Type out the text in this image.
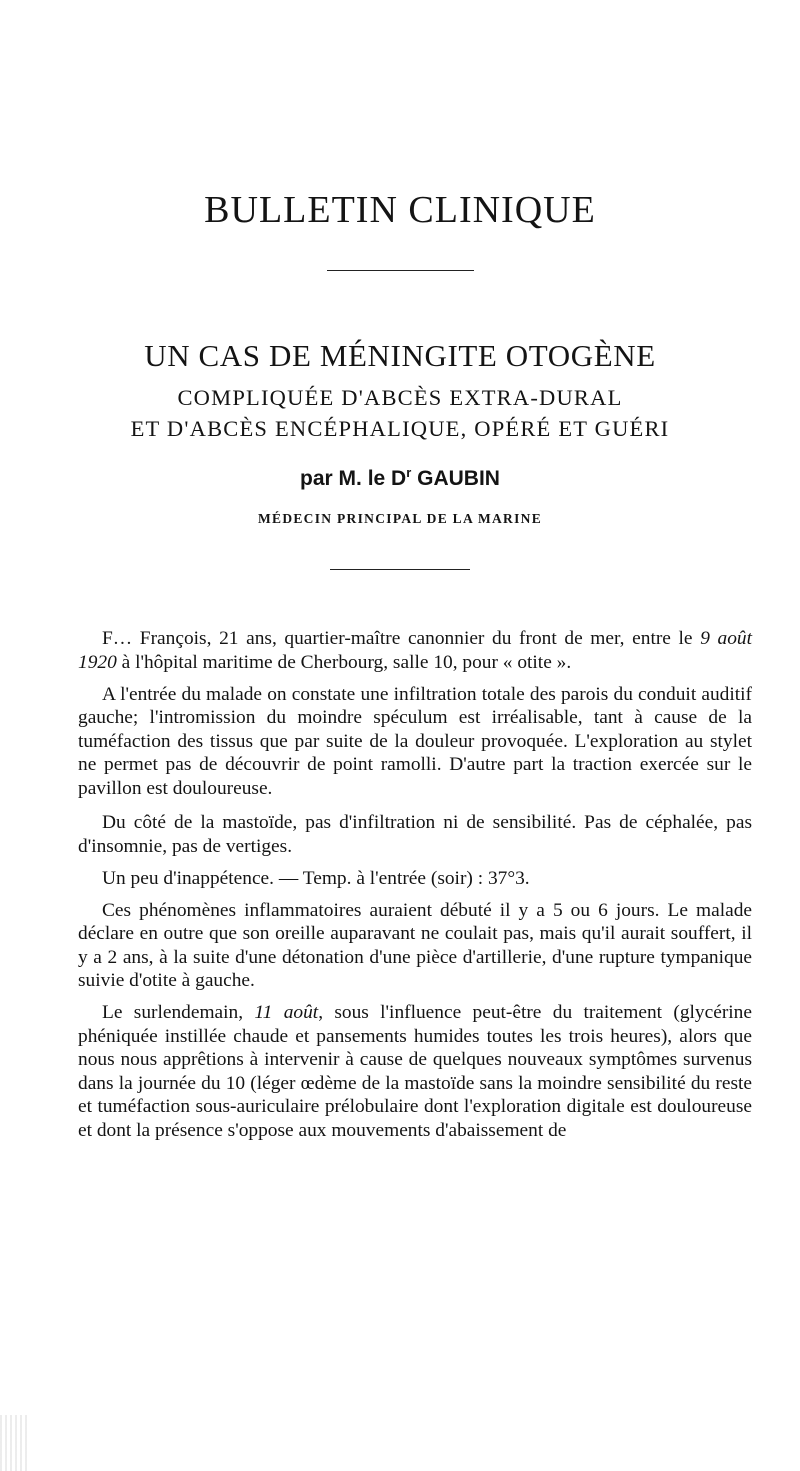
BULLETIN CLINIQUE
UN CAS DE MÉNINGITE OTOGÈNE
COMPLIQUÉE D'ABCÈS EXTRA-DURAL
ET D'ABCÈS ENCÉPHALIQUE, OPÉRÉ ET GUÉRI
par M. le $D^r$ GAUBIN
MÉDECIN PRINCIPAL DE LA MARINE

F… François, 21 ans, quartier-maître canonnier du front de mer, entre le 9 août 1920 à l'hôpital maritime de Cherbourg, salle 10, pour « otite ».

A l'entrée du malade on constate une infiltration totale des parois du conduit auditif gauche; l'intromission du moindre spéculum est irréalisable, tant à cause de la tuméfaction des tissus que par suite de la douleur provoquée. L'exploration au stylet ne permet pas de découvrir de point ramolli. D'autre part la traction exercée sur le pavillon est douloureuse.

Du côté de la mastoïde, pas d'infiltration ni de sensibilité. Pas de céphalée, pas d'insomnie, pas de vertiges.

Un peu d'inappétence. — Temp. à l'entrée (soir) : 37°3.

Ces phénomènes inflammatoires auraient débuté il y a 5 ou 6 jours. Le malade déclare en outre que son oreille auparavant ne coulait pas, mais qu'il aurait souffert, il y a 2 ans, à la suite d'une détonation d'une pièce d'artillerie, d'une rupture tympanique suivie d'otite à gauche.

Le surlendemain, 11 août, sous l'influence peut-être du traitement (glycérine phéniquée instillée chaude et pansements humides toutes les trois heures), alors que nous nous apprêtions à intervenir à cause de quelques nouveaux symptômes survenus dans la journée du 10 (léger œdème de la mastoïde sans la moindre sensibilité du reste et tuméfaction sous-auriculaire prélobulaire dont l'exploration digitale est douloureuse et dont la présence s'oppose aux mouvements d'abaissement de
